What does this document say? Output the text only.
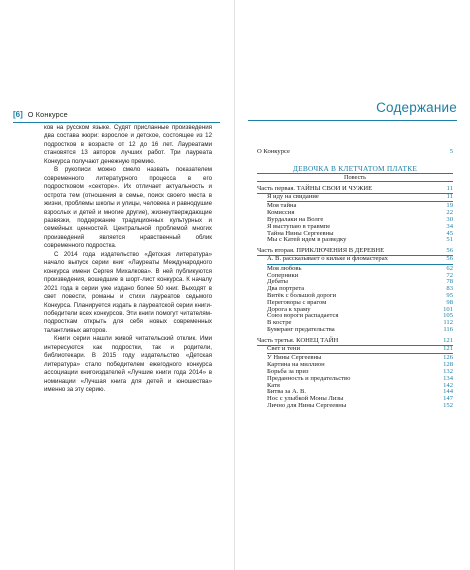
[6] О Конкурсе

ков на русском языке. Судят присланные произведения два состава жюри: взрослое и детское, состоящее из 12 подростков в возрасте от 12 до 16 лет. Лауреатами становятся 13 авторов лучших работ. Три лауреата Конкурса получают денежную премию.

В рукописи можно смело назвать показателем современного литературного процесса в его подростковом «секторе». Их отличает актуальность и острота тем (отношения в семье, поиск своего места в жизни, проблемы школы и улицы, человека и равнодушие взрослых и детей и многие другие), жизнеутверждающие развязки, поддержание традиционных культурных и семейных ценностей. Центральной проблемой многих произведений является нравственный облик современного подростка.

С 2014 года издательство «Детская литература» начало выпуск серии книг «Лауреаты Международного конкурса имени Сергея Михалкова». В ней публикуются произведения, вошедшие в шорт-лист конкурса. К началу 2021 года в серии уже издано более 50 книг. Выходят в свет повести, романы и стихи лауреатов седьмого Конкурса. Планируется издать в лауреатской серии книги-победители всех конкурсов. Эти книги помогут читателям-подросткам открыть для себя новых современных талантливых авторов.

Книги серии нашли живой читательский отклик. Ими интересуются как подростки, так и родители, библиотекари. В 2015 году издательство «Детская литература» стало победителем ежегодного конкурса ассоциации книгоиздателей «Лучшие книги года 2014» в номинации «Лучшая книга для детей и юношества» именно за эту серию.

Содержание
О Конкурсе	5
ДЕВОЧКА В КЛЕТЧАТОМ ПЛАТКЕ
Повесть
Часть первая. ТАЙНЫ СВОИ И ЧУЖИЕ	11
Я иду на свидание	11
Моя тайна	19
Комиссия	22
Вурдалаки на Волге	30
Я выступаю в травмпе	34
Тайна Нины Сергеевны	45
Мы с Катей идем в разведку	51
Часть вторая. ПРИКЛЮЧЕНИЯ В ДЕРЕВНЕ	56
А. В. рассказывает о кильке и фломастерах	56
Моя любовь	62
Соперники	72
Дебаты	78
Два портрета	83
Витёк с большой дороги	95
Переговоры с врагом	98
Дорога к храму	101
Союз вороги распадается	105
В костре	112
Бумеранг предательства	116
Часть третья. КОНЕЦ ТАЙН	121
Свет и тени	121
У Нины Сергеевны	126
Картина на миллион	128
Борьба за приз	132
Преданность и предательство	134
Катя	142
Битва за А. В.	144
Нос с улыбкой Моны Лизы	147
Лично для Нины Сергеевны	152
